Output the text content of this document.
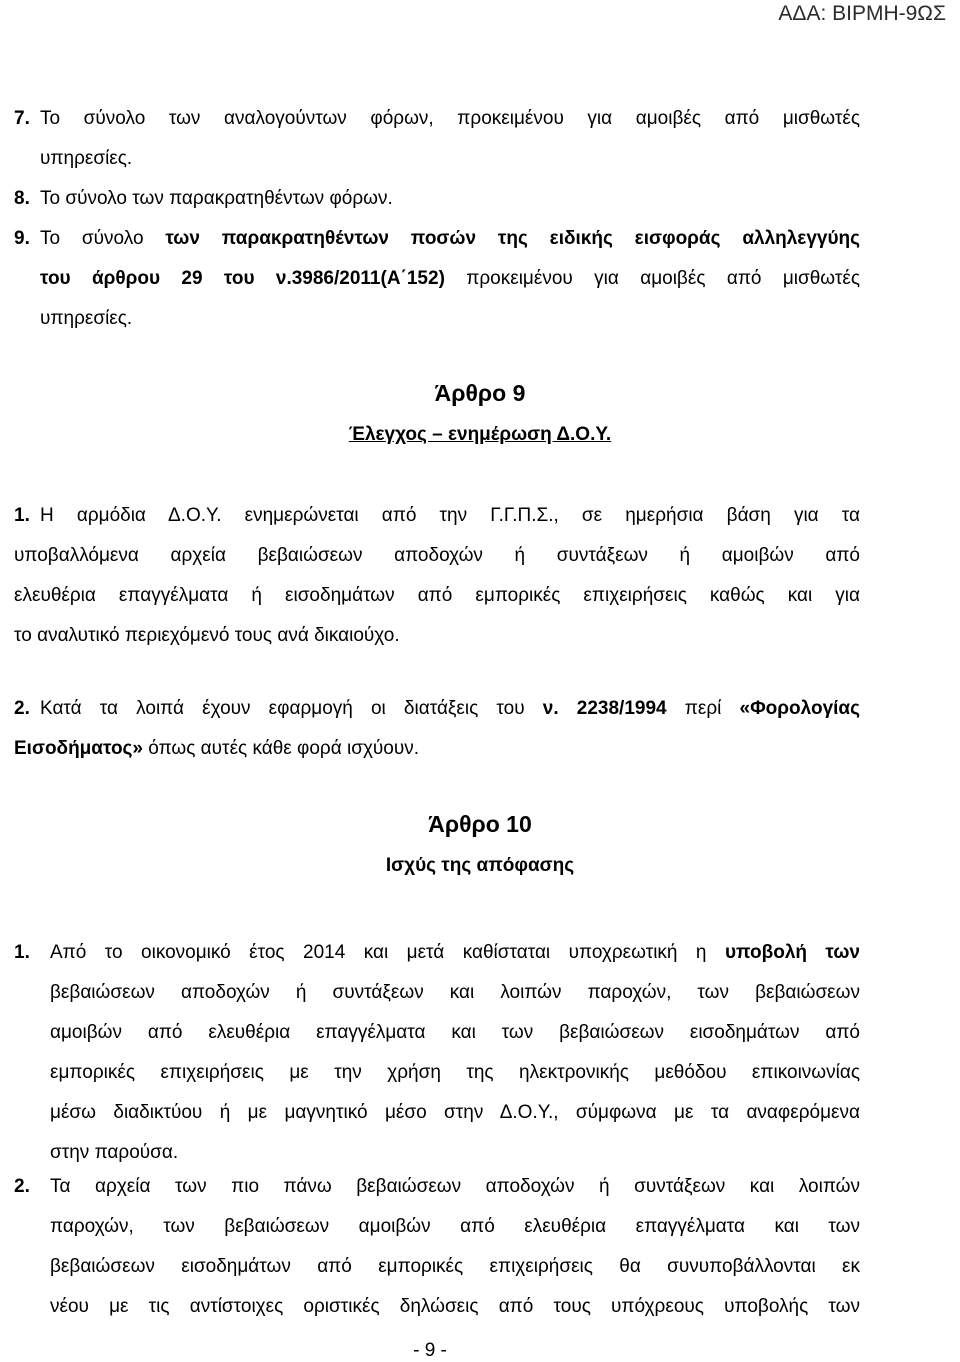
ΑΔΑ: ΒΙΡΜΗ-9ΩΣ
7. Το σύνολο των αναλογούντων φόρων, προκειμένου για αμοιβές από μισθωτές
υπηρεσίες.
8. Το σύνολο των παρακρατηθέντων φόρων.
9. Το σύνολο των παρακρατηθέντων ποσών της ειδικής εισφοράς αλληλεγγύης
του άρθρου 29 του ν.3986/2011(Α΄152) προκειμένου για αμοιβές από μισθωτές
υπηρεσίες.
Άρθρο 9
Έλεγχος – ενημέρωση Δ.Ο.Υ.
1. Η αρμόδια Δ.Ο.Υ. ενημερώνεται από την Γ.Γ.Π.Σ., σε ημερήσια βάση για τα
υποβαλλόμενα αρχεία βεβαιώσεων αποδοχών ή συντάξεων ή αμοιβών από
ελευθέρια επαγγέλματα ή εισοδημάτων από εμπορικές επιχειρήσεις καθώς και για
το αναλυτικό περιεχόμενό τους ανά δικαιούχο.
2. Κατά τα λοιπά έχουν εφαρμογή οι διατάξεις του ν. 2238/1994 περί «Φορολογίας
Εισοδήματος» όπως αυτές κάθε φορά ισχύουν.
Άρθρο 10
Ισχύς της απόφασης
1. Από το οικονομικό έτος 2014 και μετά καθίσταται υποχρεωτική η υποβολή των
βεβαιώσεων αποδοχών ή συντάξεων και λοιπών παροχών, των βεβαιώσεων
αμοιβών από ελευθέρια επαγγέλματα και των βεβαιώσεων εισοδημάτων από
εμπορικές επιχειρήσεις με την χρήση της ηλεκτρονικής μεθόδου επικοινωνίας
μέσω διαδικτύου ή με μαγνητικό μέσο στην Δ.Ο.Υ., σύμφωνα με τα αναφερόμενα
στην παρούσα.
2. Τα αρχεία των πιο πάνω βεβαιώσεων αποδοχών ή συντάξεων και λοιπών
παροχών, των βεβαιώσεων αμοιβών από ελευθέρια επαγγέλματα και των
βεβαιώσεων εισοδημάτων από εμπορικές επιχειρήσεις θα συνυποβάλλονται εκ
νέου με τις αντίστοιχες οριστικές δηλώσεις από τους υπόχρεους υποβολής των
- 9 -
